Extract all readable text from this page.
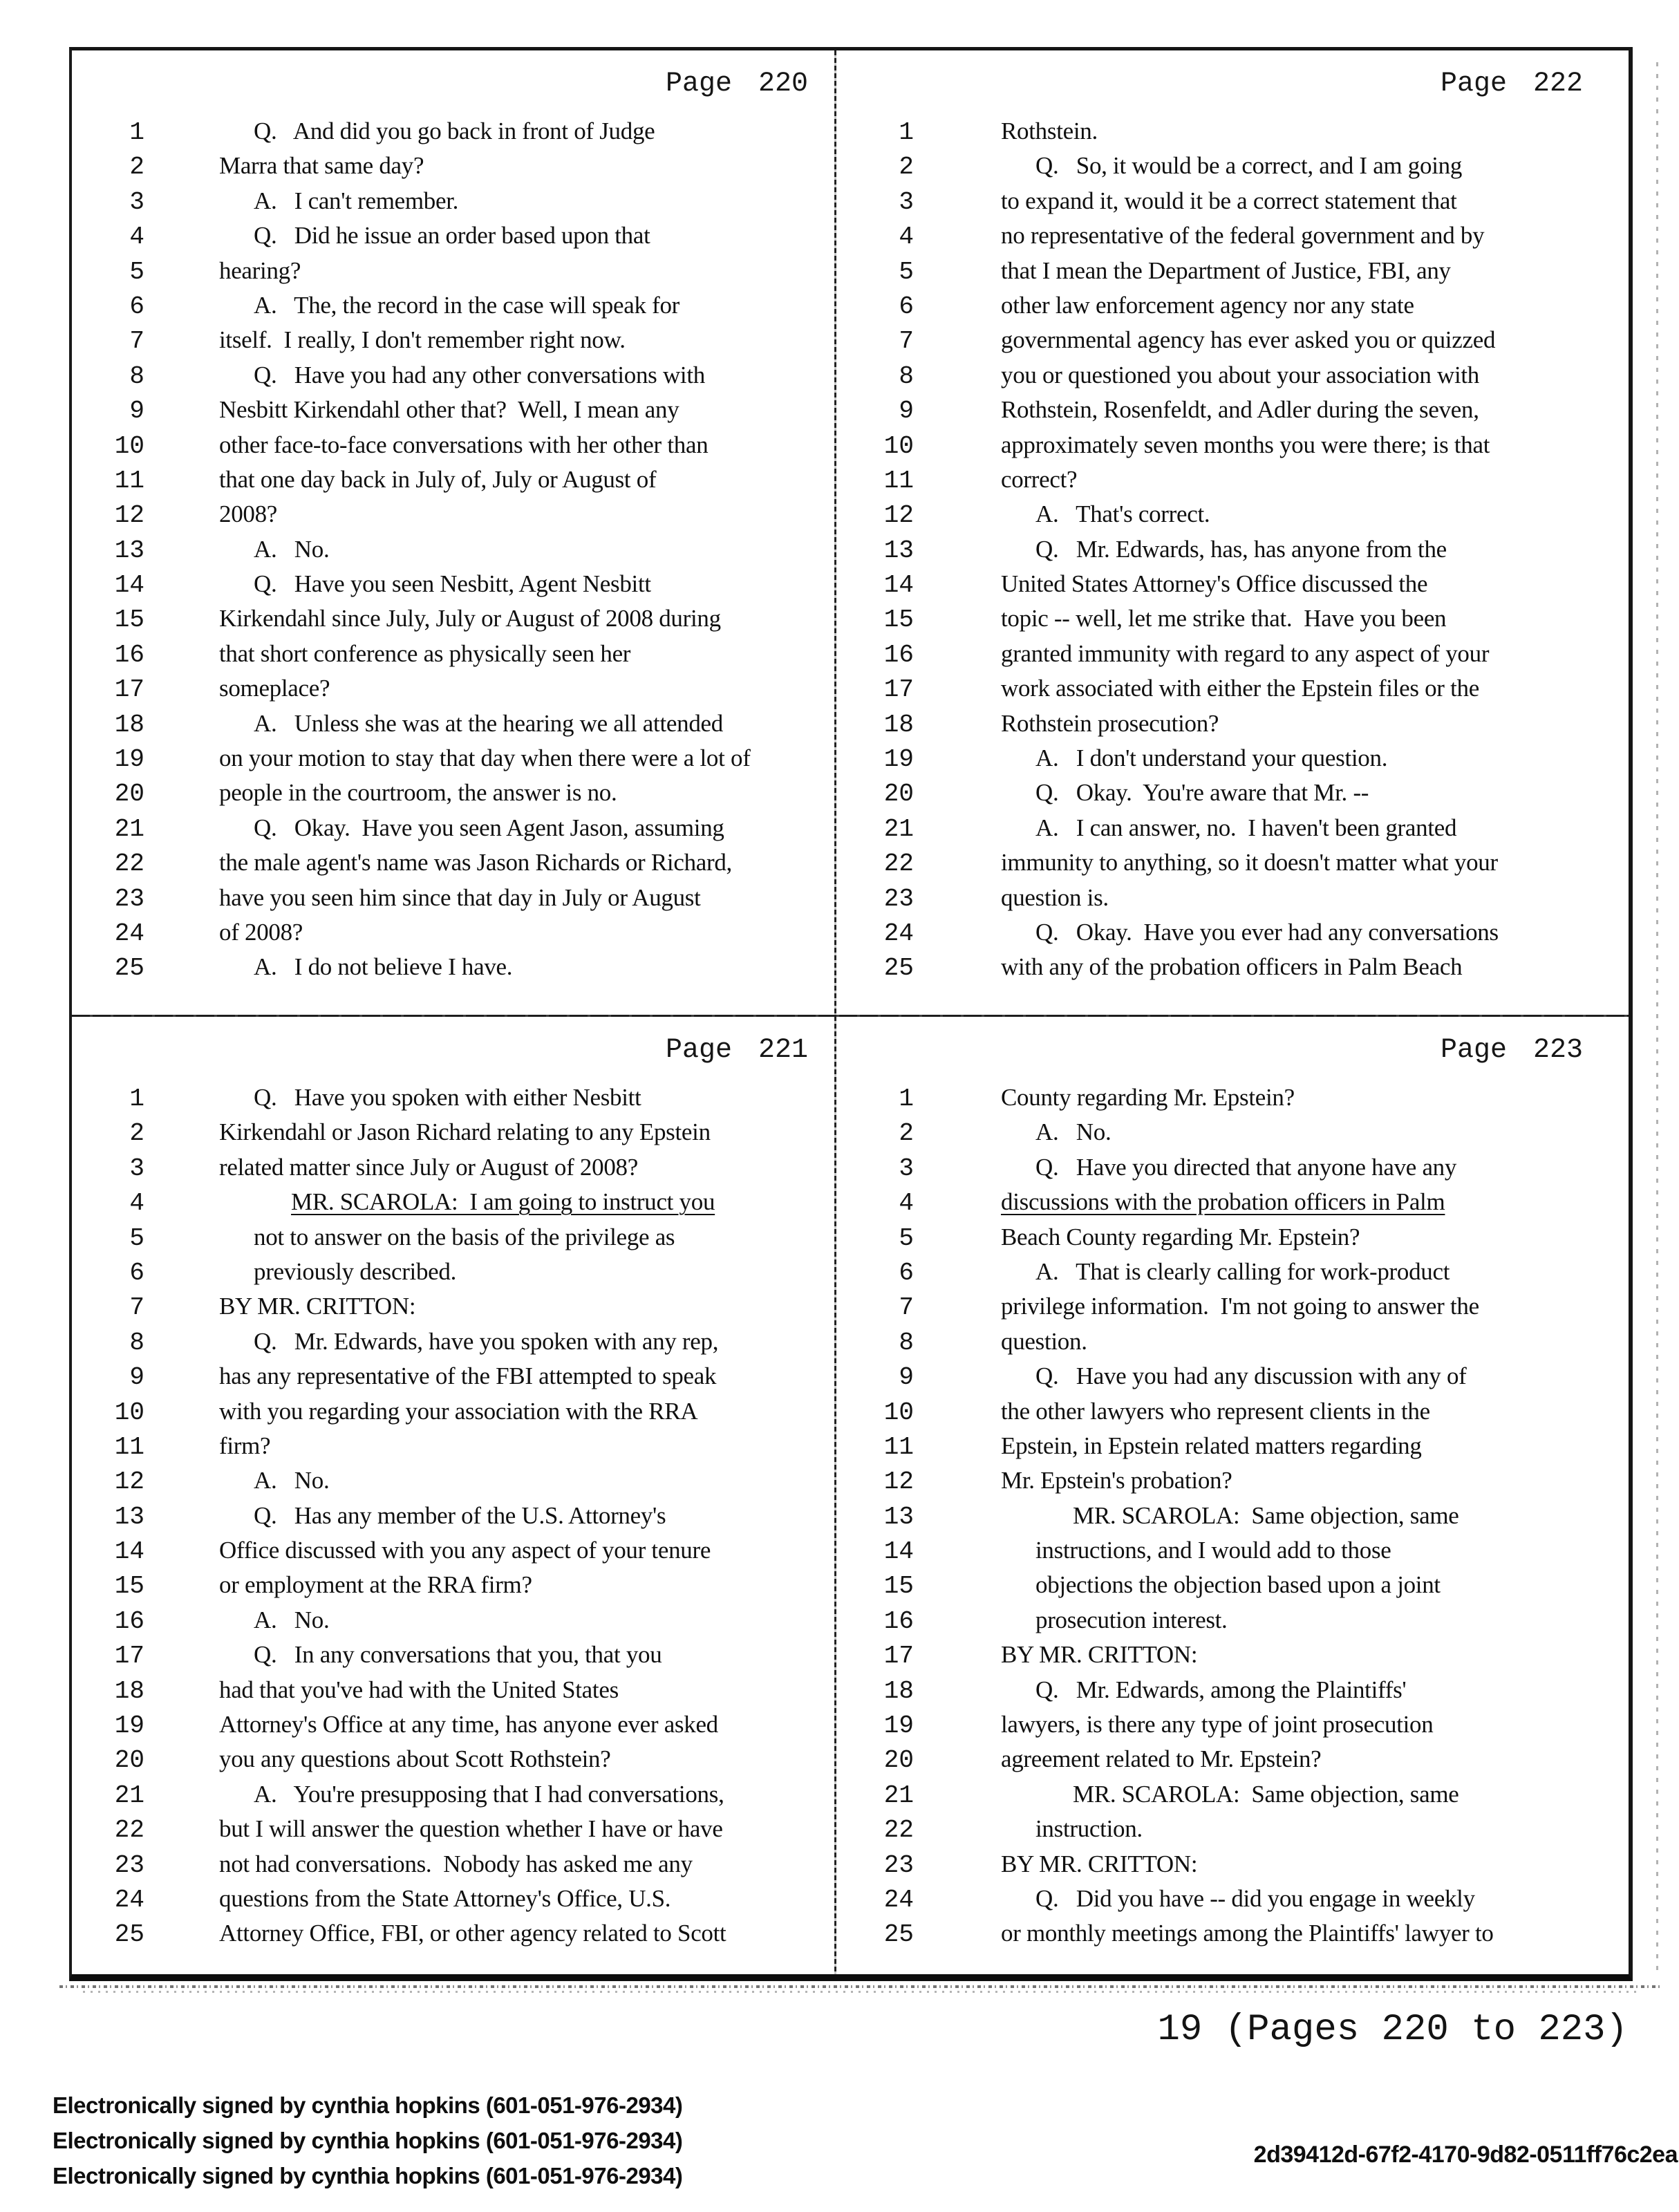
Page 220
1	Q.   And did you go back in front of Judge
2	Marra that same day?
3	A.   I can't remember.
4	Q.   Did he issue an order based upon that
5	hearing?
6	A.   The, the record in the case will speak for
7	itself.  I really, I don't remember right now.
8	Q.   Have you had any other conversations with
9	Nesbitt Kirkendahl other that?  Well, I mean any
10	other face-to-face conversations with her other than
11	that one day back in July of, July or August of
12	2008?
13	A.   No.
14	Q.   Have you seen Nesbitt, Agent Nesbitt
15	Kirkendahl since July, July or August of 2008 during
16	that short conference as physically seen her
17	someplace?
18	A.   Unless she was at the hearing we all attended
19	on your motion to stay that day when there were a lot of
20	people in the courtroom, the answer is no.
21	Q.   Okay.  Have you seen Agent Jason, assuming
22	the male agent's name was Jason Richards or Richard,
23	have you seen him since that day in July or August
24	of 2008?
25	A.   I do not believe I have.
Page 222
1	Rothstein.
2	Q.   So, it would be a correct, and I am going
3	to expand it, would it be a correct statement that
4	no representative of the federal government and by
5	that I mean the Department of Justice, FBI, any
6	other law enforcement agency nor any state
7	governmental agency has ever asked you or quizzed
8	you or questioned you about your association with
9	Rothstein, Rosenfeldt, and Adler during the seven,
10	approximately seven months you were there; is that
11	correct?
12	A.   That's correct.
13	Q.   Mr. Edwards, has, has anyone from the
14	United States Attorney's Office discussed the
15	topic -- well, let me strike that.  Have you been
16	granted immunity with regard to any aspect of your
17	work associated with either the Epstein files or the
18	Rothstein prosecution?
19	A.   I don't understand your question.
20	Q.   Okay.  You're aware that Mr. --
21	A.   I can answer, no.  I haven't been granted
22	immunity to anything, so it doesn't matter what your
23	question is.
24	Q.   Okay.  Have you ever had any conversations
25	with any of the probation officers in Palm Beach
Page 221
1	Q.   Have you spoken with either Nesbitt
2	Kirkendahl or Jason Richard relating to any Epstein
3	related matter since July or August of 2008?
4	MR. SCAROLA:  I am going to instruct you
5	not to answer on the basis of the privilege as
6	previously described.
7	BY MR. CRITTON:
8	Q.   Mr. Edwards, have you spoken with any rep,
9	has any representative of the FBI attempted to speak
10	with you regarding your association with the RRA
11	firm?
12	A.   No.
13	Q.   Has any member of the U.S. Attorney's
14	Office discussed with you any aspect of your tenure
15	or employment at the RRA firm?
16	A.   No.
17	Q.   In any conversations that you, that you
18	had that you've had with the United States
19	Attorney's Office at any time, has anyone ever asked
20	you any questions about Scott Rothstein?
21	A.   You're presupposing that I had conversations,
22	but I will answer the question whether I have or have
23	not had conversations.  Nobody has asked me any
24	questions from the State Attorney's Office, U.S.
25	Attorney Office, FBI, or other agency related to Scott
Page 223
1	County regarding Mr. Epstein?
2	A.   No.
3	Q.   Have you directed that anyone have any
4	discussions with the probation officers in Palm
5	Beach County regarding Mr. Epstein?
6	A.   That is clearly calling for work-product
7	privilege information.  I'm not going to answer the
8	question.
9	Q.   Have you had any discussion with any of
10	the other lawyers who represent clients in the
11	Epstein, in Epstein related matters regarding
12	Mr. Epstein's probation?
13	MR. SCAROLA:  Same objection, same
14	instructions, and I would add to those
15	objections the objection based upon a joint
16	prosecution interest.
17	BY MR. CRITTON:
18	Q.   Mr. Edwards, among the Plaintiffs'
19	lawyers, is there any type of joint prosecution
20	agreement related to Mr. Epstein?
21	MR. SCAROLA:  Same objection, same
22	instruction.
23	BY MR. CRITTON:
24	Q.   Did you have -- did you engage in weekly
25	or monthly meetings among the Plaintiffs' lawyer to
19 (Pages 220 to 223)
Electronically signed by cynthia hopkins (601-051-976-2934)
Electronically signed by cynthia hopkins (601-051-976-2934)
Electronically signed by cynthia hopkins (601-051-976-2934)
2d39412d-67f2-4170-9d82-0511ff76c2ea
